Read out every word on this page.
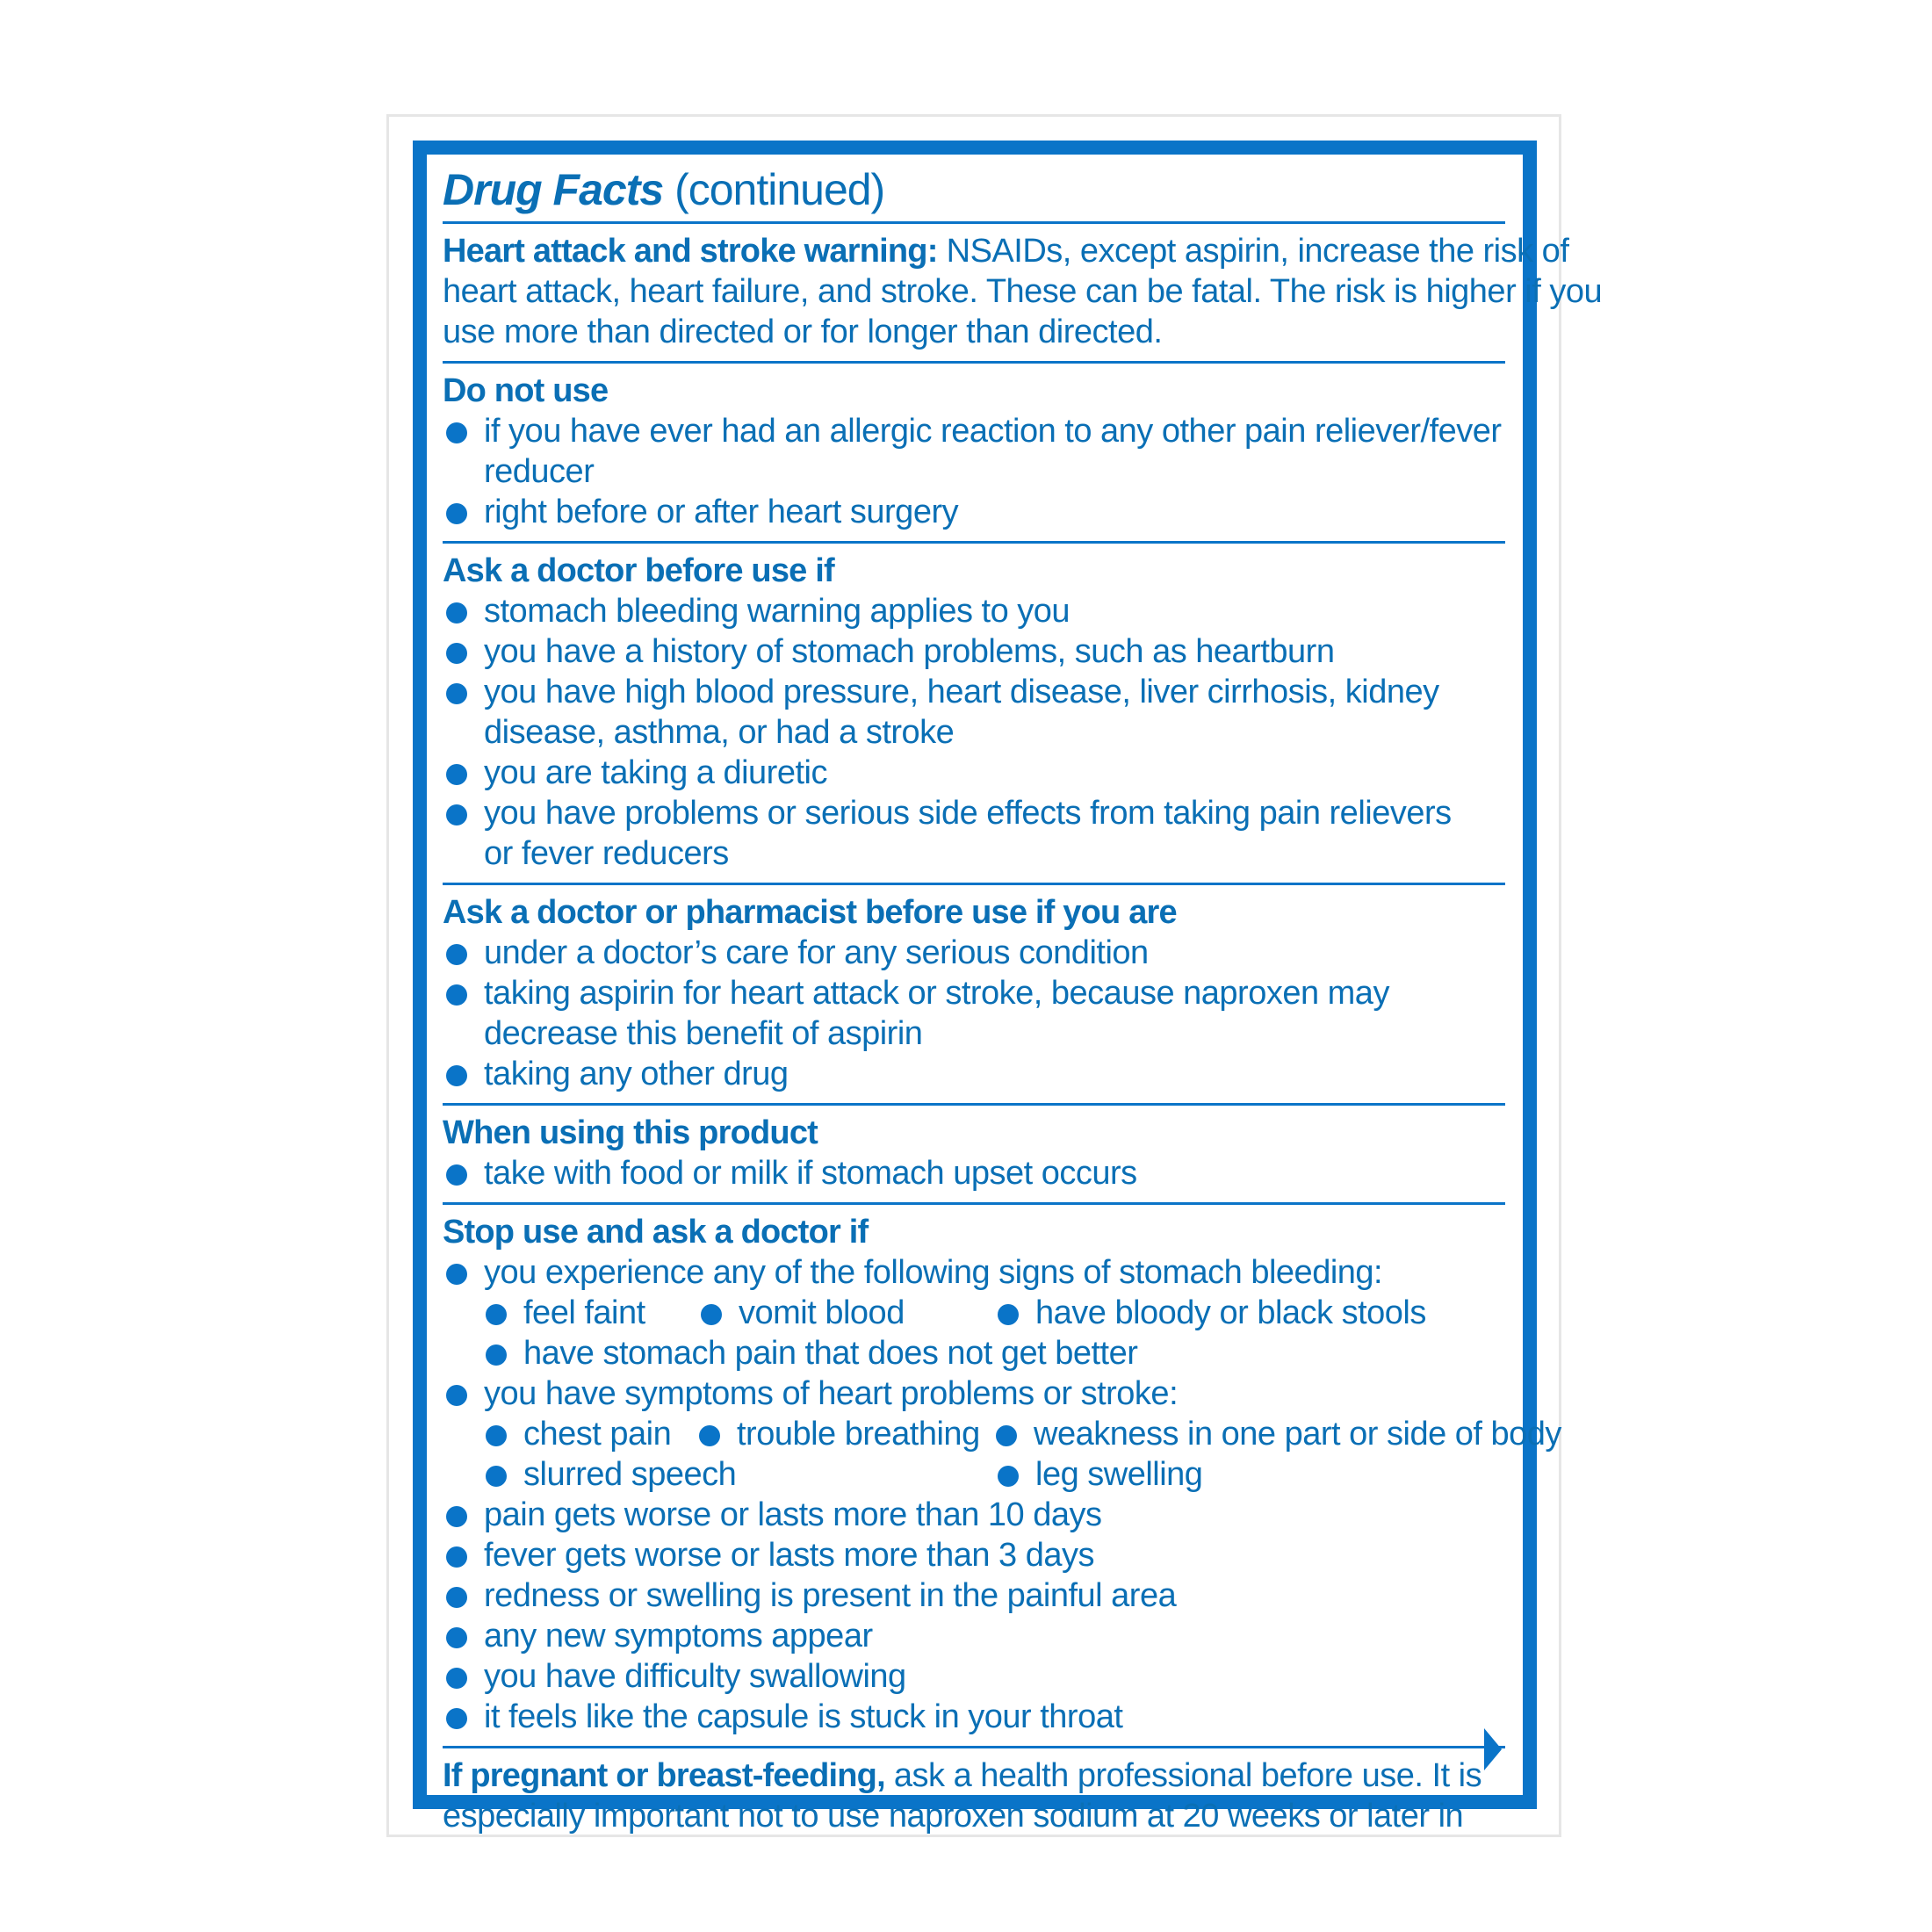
Drug Facts (continued)
Heart attack and stroke warning: NSAIDs, except aspirin, increase the risk of
heart attack, heart failure, and stroke. These can be fatal. The risk is higher if you
use more than directed or for longer than directed.
Do not use
if you have ever had an allergic reaction to any other pain reliever/fever reducer
right before or after heart surgery
Ask a doctor before use if
stomach bleeding warning applies to you
you have a history of stomach problems, such as heartburn
you have high blood pressure, heart disease, liver cirrhosis, kidney disease, asthma, or had a stroke
you are taking a diuretic
you have problems or serious side effects from taking pain relievers or fever reducers
Ask a doctor or pharmacist before use if you are
under a doctor’s care for any serious condition
taking aspirin for heart attack or stroke, because naproxen may decrease this benefit of aspirin
taking any other drug
When using this product
take with food or milk if stomach upset occurs
Stop use and ask a doctor if
you experience any of the following signs of stomach bleeding:
feel faint	vomit blood	have bloody or black stools
have stomach pain that does not get better
you have symptoms of heart problems or stroke:
chest pain	trouble breathing	weakness in one part or side of body
slurred speech	leg swelling
pain gets worse or lasts more than 10 days
fever gets worse or lasts more than 3 days
redness or swelling is present in the painful area
any new symptoms appear
you have difficulty swallowing
it feels like the capsule is stuck in your throat
If pregnant or breast-feeding, ask a health professional before use. It is
especially important not to use naproxen sodium at 20 weeks or later in
